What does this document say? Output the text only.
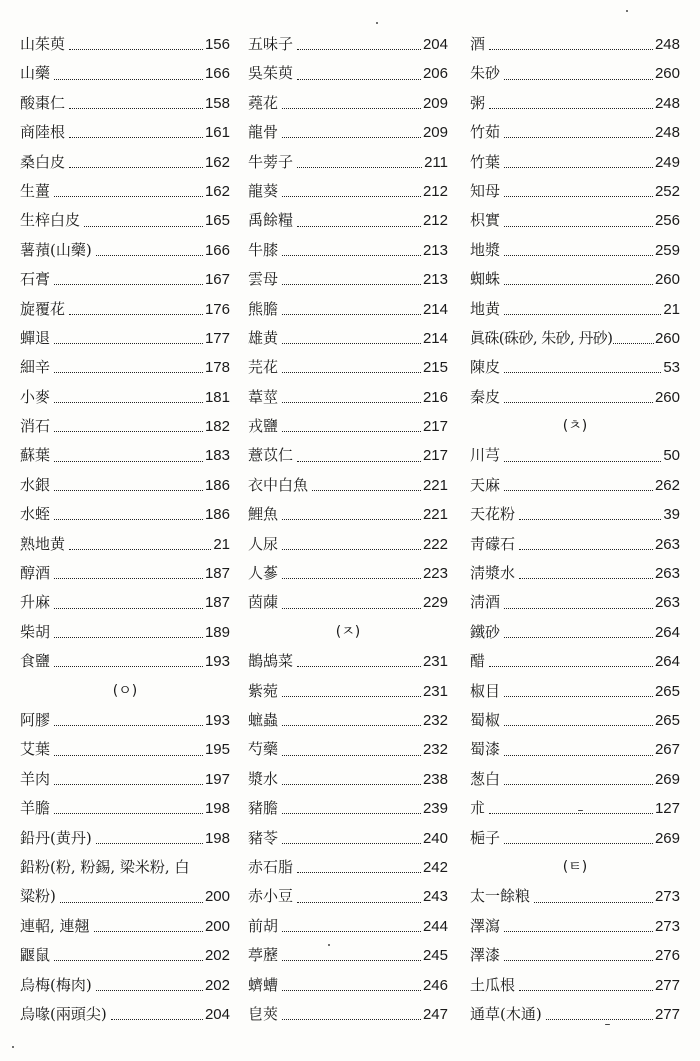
山茱萸	156
山藥	166
酸棗仁	158
商陸根	161
桑白皮	162
生薑	162
生梓白皮	165
薯蕷(山藥)	166
石膏	167
旋覆花	176
蟬退	177
細辛	178
小麥	181
消石	182
蘇葉	183
水銀	186
水蛭	186
熟地黄	21
醇酒	187
升麻	187
柴胡	189
食鹽	193
(ㅇ)
阿膠	193
艾葉	195
羊肉	197
羊膽	198
鉛丹(黄丹)	198
鉛粉(粉, 粉錫, 梁米粉, 白
粱粉)	200
連軺, 連翹	200
鼴鼠	202
烏梅(梅肉)	202
烏喙(兩頭尖)	204
五味子	204
吳茱萸	206
蕘花	209
龍骨	209
牛蒡子	211
龍葵	212
禹餘糧	212
牛膝	213
雲母	213
熊膽	214
雄黄	214
芫花	215
葦莖	216
戎鹽	217
薏苡仁	217
衣中白魚	221
鯉魚	221
人尿	222
人蔘	223
茵蔯	229
(ㅈ)
鵲鴣菜	231
紫菀	231
蟅蟲	232
芍藥	232
漿水	238
豬膽	239
豬苓	240
赤石脂	242
赤小豆	243
前胡	244
葶藶	245
蠐螬	246
皀莢	247
酒	248
朱砂	260
粥	248
竹茹	248
竹葉	249
知母	252
枳實	256
地漿	259
蜘蛛	260
地黄	21
眞硃(硃砂, 朱砂, 丹砂)	260
陳皮	53
秦皮	260
(ㅊ)
川芎	50
天麻	262
天花粉	39
靑礞石	263
淸漿水	263
淸酒	263
鐵砂	264
醋	264
椒目	265
蜀椒	265
蜀漆	267
葱白	269
朮	127
梔子	269
(ㅌ)
太一餘粮	273
澤瀉	273
澤漆	276
土瓜根	277
通草(木通)	277
